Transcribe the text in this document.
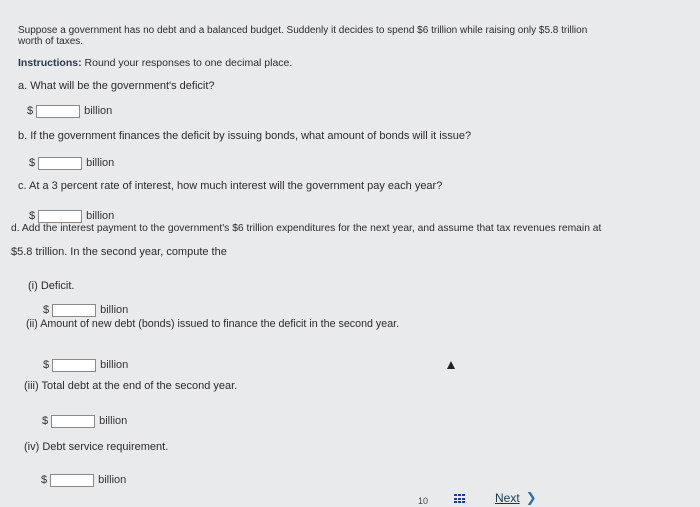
Suppose a government has no debt and a balanced budget. Suddenly it decides to spend $6 trillion while raising only $5.8 trillion
worth of taxes.
Instructions: Round your responses to one decimal place.
a. What will be the government's deficit?
$	billion
b. If the government finances the deficit by issuing bonds, what amount of bonds will it issue?
$	billion
c. At a 3 percent rate of interest, how much interest will the government pay each year?
$	billion
d. Add the interest payment to the government's $6 trillion expenditures for the next year, and assume that tax revenues remain at
$5.8 trillion. In the second year, compute the
(i) Deficit.
$	billion
(ii) Amount of new debt (bonds) issued to finance the deficit in the second year.
$	billion
(iii) Total debt at the end of the second year.
$	billion
(iv) Debt service requirement.
$	billion
10	Next ❯
